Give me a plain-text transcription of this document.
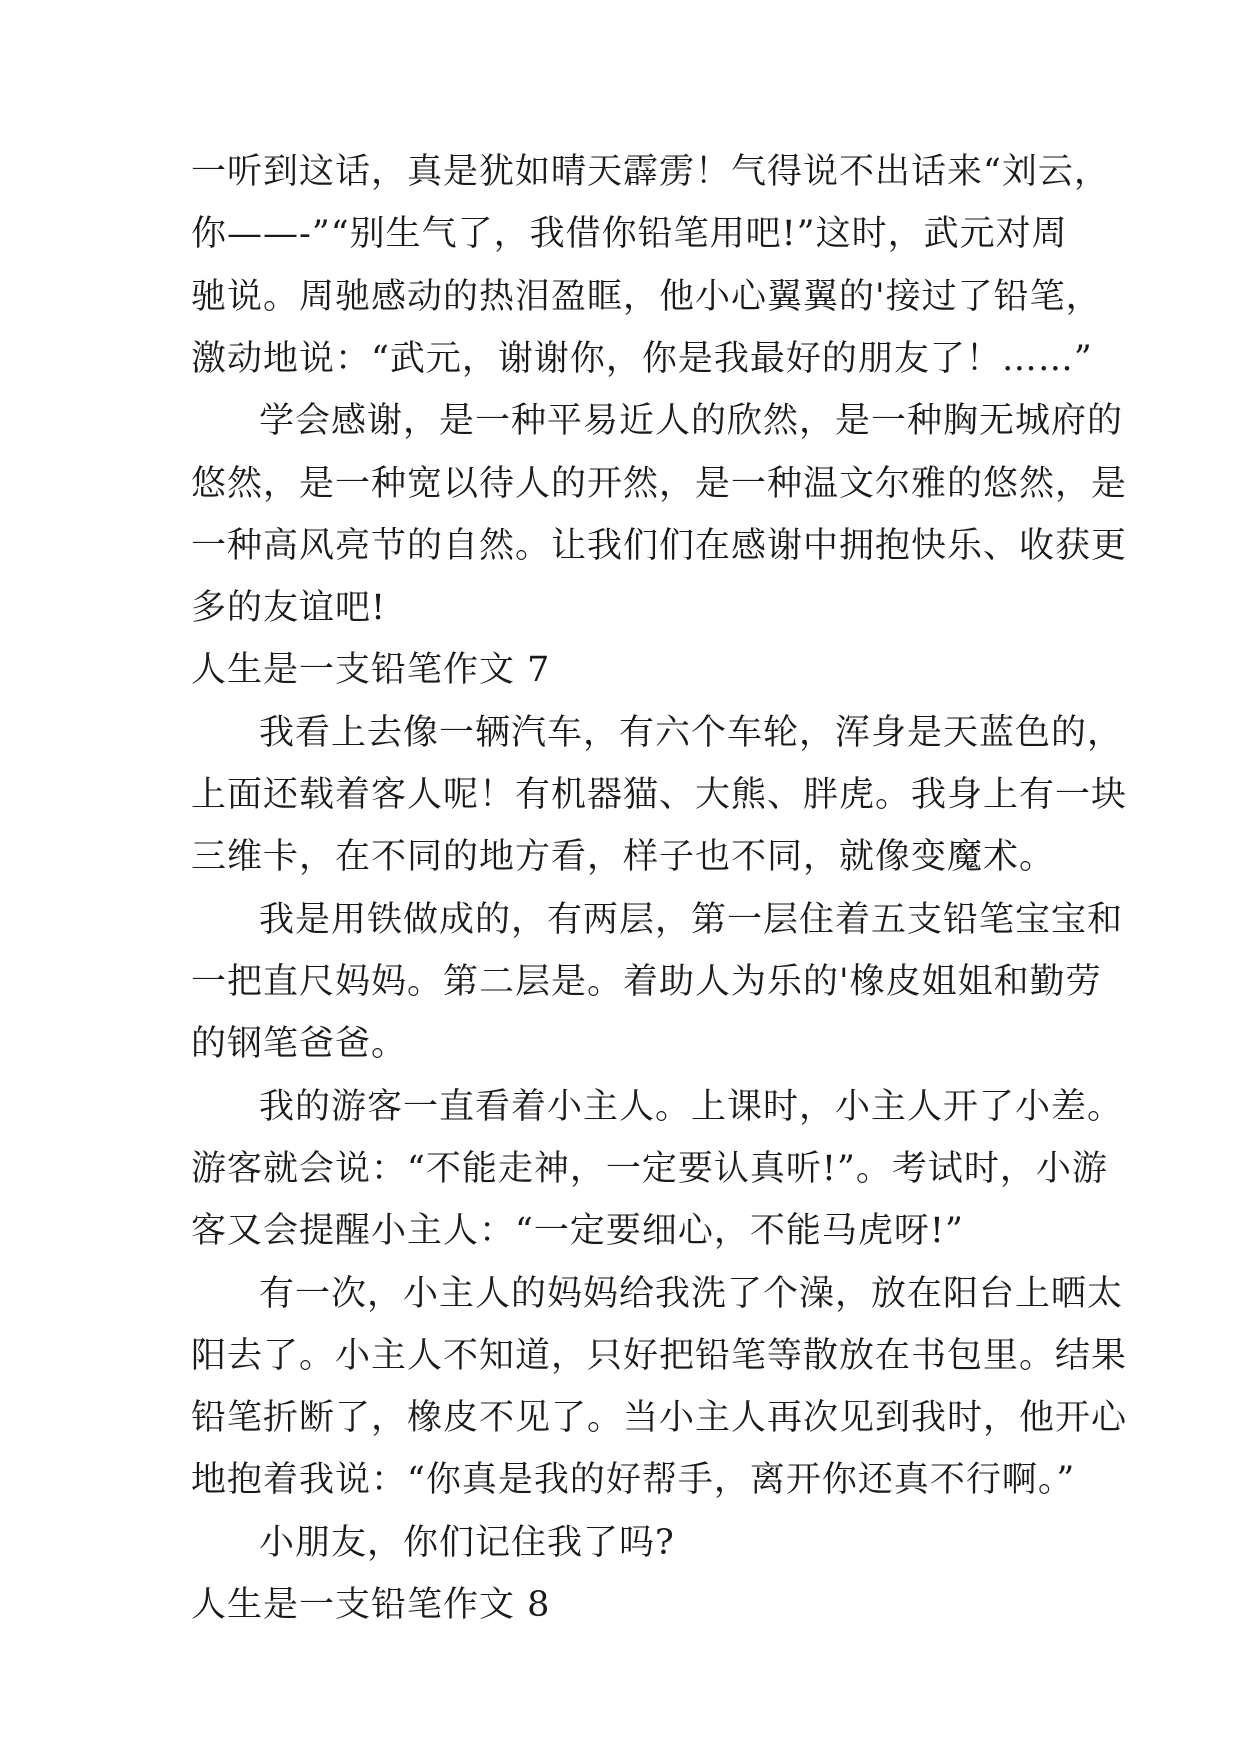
一听到这话，真是犹如晴天霹雳！气得说不出话来“刘云，
你——-”“别生气了，我借你铅笔用吧!”这时，武元对周
驰说。周驰感动的热泪盈眶，他小心翼翼的'接过了铅笔，
激动地说：“武元，谢谢你，你是我最好的朋友了！……”
学会感谢，是一种平易近人的欣然，是一种胸无城府的
悠然，是一种宽以待人的开然，是一种温文尔雅的悠然，是
一种高风亮节的自然。让我们们在感谢中拥抱快乐、收获更
多的友谊吧!
人生是一支铅笔作文 7
我看上去像一辆汽车，有六个车轮，浑身是天蓝色的，
上面还载着客人呢！有机器猫、大熊、胖虎。我身上有一块
三维卡，在不同的地方看，样子也不同，就像变魔术。
我是用铁做成的，有两层，第一层住着五支铅笔宝宝和
一把直尺妈妈。第二层是。着助人为乐的'橡皮姐姐和勤劳
的钢笔爸爸。
我的游客一直看着小主人。上课时，小主人开了小差。
游客就会说：“不能走神，一定要认真听!”。考试时，小游
客又会提醒小主人：“一定要细心，不能马虎呀!”
有一次，小主人的妈妈给我洗了个澡，放在阳台上晒太
阳去了。小主人不知道，只好把铅笔等散放在书包里。结果
铅笔折断了，橡皮不见了。当小主人再次见到我时，他开心
地抱着我说：“你真是我的好帮手，离开你还真不行啊。”
小朋友，你们记住我了吗?
人生是一支铅笔作文 8
